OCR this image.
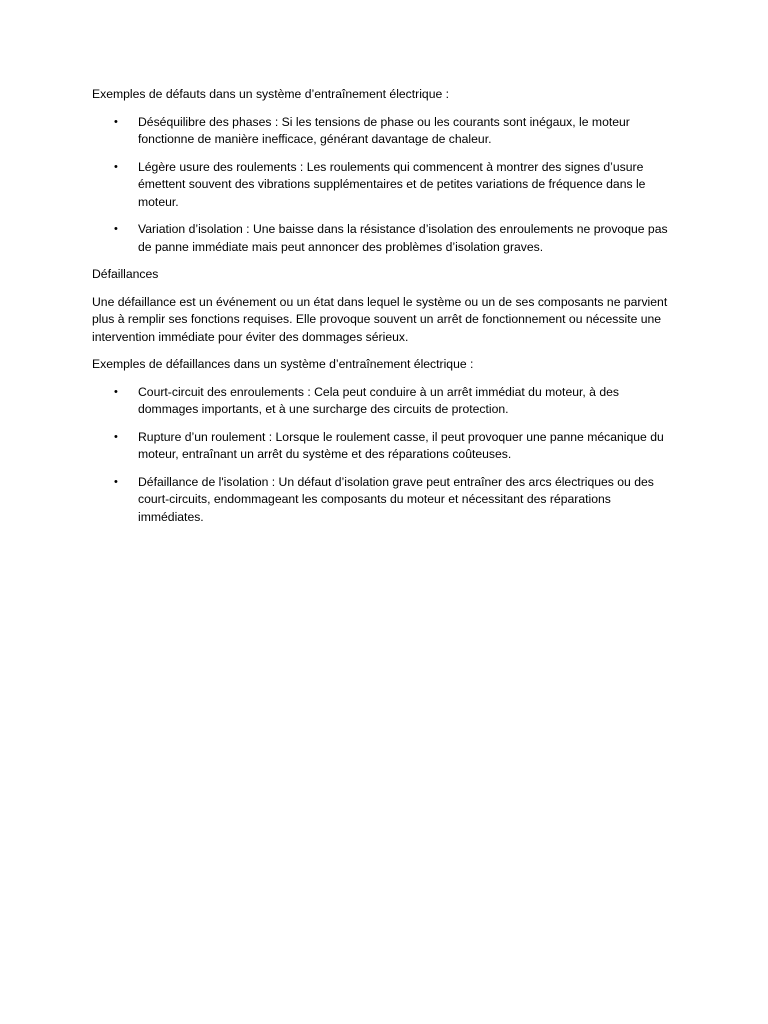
Exemples de défauts dans un système d’entraînement électrique :

• Déséquilibre des phases : Si les tensions de phase ou les courants sont inégaux, le moteur fonctionne de manière inefficace, générant davantage de chaleur.
• Légère usure des roulements : Les roulements qui commencent à montrer des signes d’usure émettent souvent des vibrations supplémentaires et de petites variations de fréquence dans le moteur.
• Variation d’isolation : Une baisse dans la résistance d’isolation des enroulements ne provoque pas de panne immédiate mais peut annoncer des problèmes d’isolation graves.

Défaillances

Une défaillance est un événement ou un état dans lequel le système ou un de ses composants ne parvient plus à remplir ses fonctions requises. Elle provoque souvent un arrêt de fonctionnement ou nécessite une intervention immédiate pour éviter des dommages sérieux.

Exemples de défaillances dans un système d’entraînement électrique :

• Court-circuit des enroulements : Cela peut conduire à un arrêt immédiat du moteur, à des dommages importants, et à une surcharge des circuits de protection.
• Rupture d’un roulement : Lorsque le roulement casse, il peut provoquer une panne mécanique du moteur, entraînant un arrêt du système et des réparations coûteuses.
• Défaillance de l'isolation : Un défaut d’isolation grave peut entraîner des arcs électriques ou des court-circuits, endommageant les composants du moteur et nécessitant des réparations immédiates.
